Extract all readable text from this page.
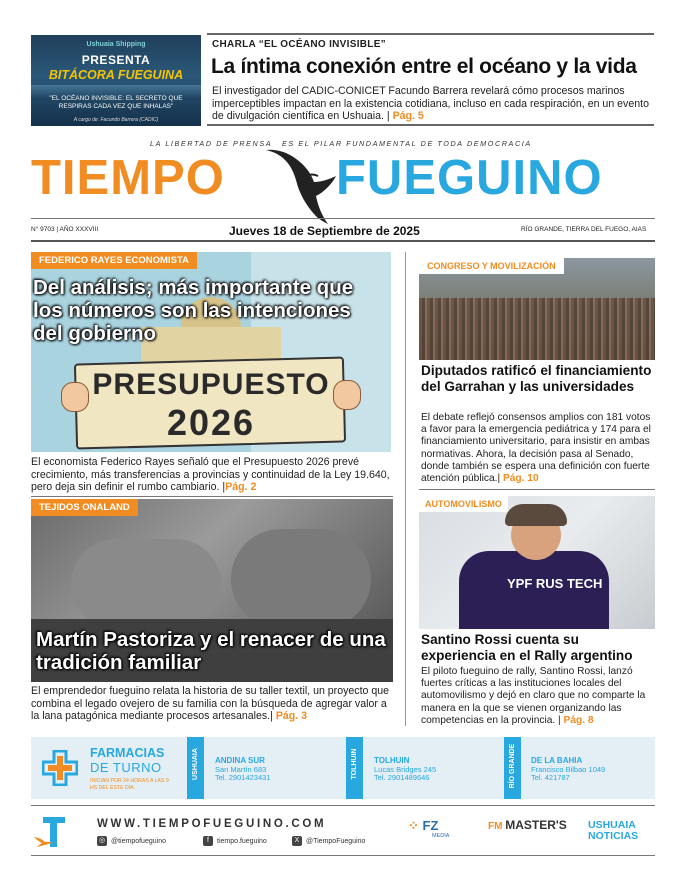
Ushuaia Shipping
PRESENTA
BITÁCORA FUEGUINA
"EL OCÉANO INVISIBLE: EL SECRETO QUE RESPIRAS CADA VEZ QUE INHALAS"
A cargo de: Facundo Barrera (CADIC)
CHARLA “EL OCÉANO INVISIBLE”
La íntima conexión entre el océano y la vida
El investigador del CADIC-CONICET Facundo Barrera revelará cómo procesos marinos imperceptibles impactan en la existencia cotidiana, incluso en cada respiración, en un evento de divulgación científica en Ushuaia. | Pág. 5
LA LIBERTAD DE PRENSA ES EL PILAR FUNDAMENTAL DE TODA DEMOCRACIA
TIEMPO FUEGUINO
N° 9703 | AÑO XXXVIII	Jueves 18 de Septiembre de 2025	RÍO GRANDE, TIERRA DEL FUEGO, AIAS
PRESUPUESTO
2026
FEDERICO RAYES ECONOMISTA
Del análisis; más importante que los números son las intenciones del gobierno
El economista Federico Rayes señaló que el Presupuesto 2026 prevé crecimiento, más transferencias a provincias y continuidad de la Ley 19.640, pero deja sin definir el rumbo cambiario. |Pág. 2
TEJIDOS ONALAND
Martín Pastoriza y el renacer de una tradición familiar
El emprendedor fueguino relata la historia de su taller textil, un proyecto que combina el legado ovejero de su familia con la búsqueda de agregar valor a la lana patagónica mediante procesos artesanales.| Pág. 3
CONGRESO Y MOVILIZACIÓN
Diputados ratificó el financiamiento del Garrahan y las universidades
El debate reflejó consensos amplios con 181 votos a favor para la emergencia pediátrica y 174 para el financiamiento universitario, para insistir en ambas normativas. Ahora, la decisión pasa al Senado, donde también se espera una definición con fuerte atención pública.| Pág. 10
YPF RUS TECH
AUTOMOVILISMO
Santino Rossi cuenta su experiencia en el Rally argentino
El piloto fueguino de rally, Santino Rossi, lanzó fuertes críticas a las instituciones locales del automovilismo y dejó en claro que no comparte la manera en la que se vienen organizando las competencias en la provincia. | Pág. 8
FARMACIAS
DE TURNO
INICIAN POR 24 HORAS A LAS 9 HS DEL ESTE DÍA.
USHUAIA	ANDINA SUR
San Martín 683
Tel. 2901423431	TOLHUIN	TOLHUIN
Lucas Bridges 245
Tel. 2901489646	RÍO GRANDE	DE LA BAHIA
Francisco Bilbao 1049
Tel. 421787
WWW.TIEMPOFUEGUINO.COM
◎ @tiempofueguino	f tiempo.fueguino	X @TiempoFueguino
⁘ FZ
MEDIA
FM MASTER'S USHUAIA
NOTICIAS
